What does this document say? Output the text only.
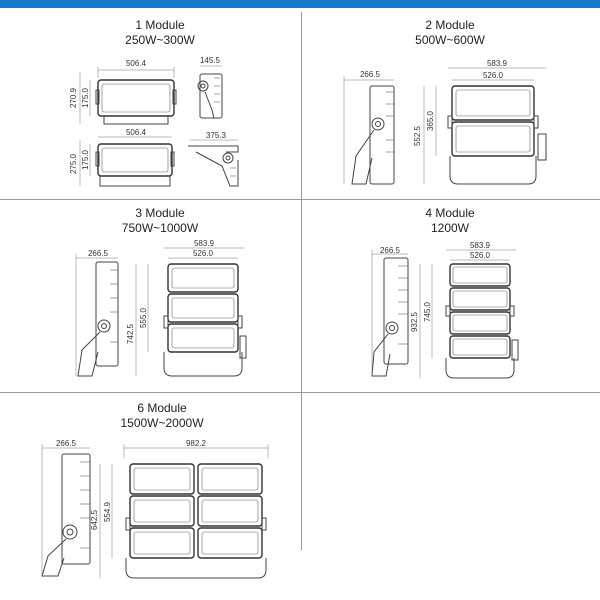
1 Module
250W~300W
2 Module
500W~600W
3 Module
750W~1000W
4 Module
1200W
6 Module
1500W~2000W
506.4
270.9 175.0
145.5
506.4
275.0 175.0
375.3
266.5
583.9
526.0
552.5
365.0
266.5
583.9
526.0
742.5
555.0
266.5
583.9
526.0
932.5 745.0
266.5	982.2
642.5 554.9
